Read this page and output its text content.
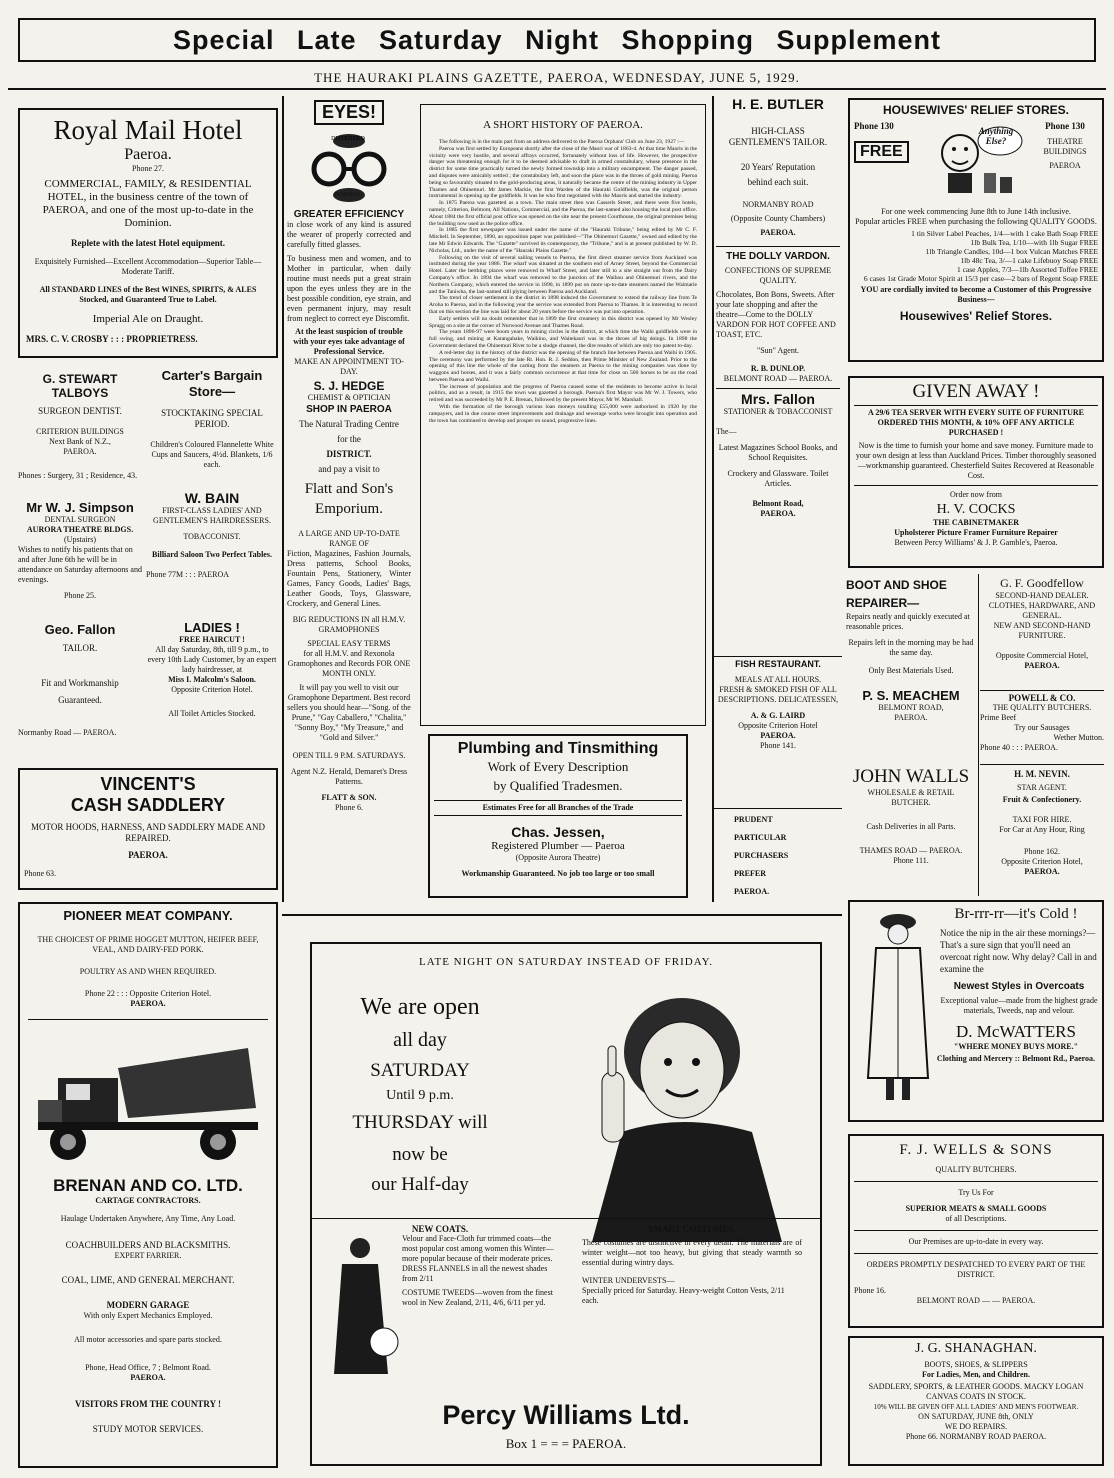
Special Late Saturday Night Shopping Supplement
THE HAURAKI PLAINS GAZETTE, PAEROA, WEDNESDAY, JUNE 5, 1929.
Royal Mail Hotel
Paeroa.
Phone 27.
COMMERCIAL, FAMILY, & RESIDENTIAL HOTEL, in the business centre of the town of PAEROA, and one of the most up-to-date in the Dominion.
Replete with the latest Hotel equipment.
Exquisitely Furnished—Excellent Accommodation—Superior Table—Moderate Tariff.
All STANDARD LINES of the Best WINES, SPIRITS, & ALES Stocked, and Guaranteed True to Label.
Imperial Ale on Draught.
MRS. C. V. CROSBY : : : PROPRIETRESS.
G. STEWART TALBOYS
SURGEON DENTIST.
CRITERION BUILDINGS
Next Bank of N.Z.,
PAEROA.
Phones : Surgery, 31 ; Residence, 43.
Mr W. J. Simpson
DENTAL SURGEON
AURORA THEATRE BLDGS.
(Upstairs)
Wishes to notify his patients that on and after June 6th he will be in attendance on Saturday afternoons and evenings.
Phone 25.
Geo. Fallon
TAILOR.
Fit and Workmanship
Guaranteed.
Normanby Road — PAEROA.
Carter's Bargain Store—
STOCKTAKING SPECIAL PERIOD.
Children's Coloured Flannelette White Cups and Saucers, 4½d. Blankets, 1/6 each.
W. BAIN
FIRST-CLASS LADIES' AND GENTLEMEN'S HAIRDRESSERS.
TOBACCONIST.
Billiard Saloon Two Perfect Tables.
Phone 77M : : : PAEROA
LADIES !
FREE HAIRCUT !
All day Saturday, 8th, till 9 p.m., to every 10th Lady Customer, by an expert lady hairdresser, at
Miss I. Malcolm's Saloon.
Opposite Criterion Hotel.
All Toilet Articles Stocked.
VINCENT'S
CASH SADDLERY
MOTOR HOODS, HARNESS, AND SADDLERY MADE AND REPAIRED.
PAEROA.
Phone 63.
PIONEER MEAT COMPANY.
THE CHOICEST OF PRIME HOGGET MUTTON, HEIFER BEEF, VEAL, AND DAIRY-FED PORK.
POULTRY AS AND WHEN REQUIRED.
Phone 22 : : : Opposite Criterion Hotel.
PAEROA.
BRENAN AND CO. LTD.
CARTAGE CONTRACTORS.
Haulage Undertaken Anywhere, Any Time, Any Load.
COACHBUILDERS AND BLACKSMITHS.
EXPERT FARRIER.
COAL, LIME, AND GENERAL MERCHANT.
MODERN GARAGE
With only Expert Mechanics Employed.
All motor accessories and spare parts stocked.
Phone, Head Office, 7 ; Belmont Road.
PAEROA.
VISITORS FROM THE COUNTRY !
STUDY MOTOR SERVICES.
EYES!
DISTENDED
NORMAL
GREATER EFFICIENCY
in close work of any kind is assured the wearer of properly corrected and carefully fitted glasses.
To business men and women, and to Mother in particular, when daily routine must needs put a great strain upon the eyes unless they are in the best possible condition, eye strain, and even permanent injury, may result from neglect to correct eye Discomfit.
At the least suspicion of trouble with your eyes take advantage of Professional Service.
MAKE AN APPOINTMENT TO-DAY.
S. J. HEDGE
CHEMIST & OPTICIAN
SHOP IN PAEROA
The Natural Trading Centre
for the
DISTRICT.
and pay a visit to
Flatt and Son's Emporium.
A LARGE AND UP-TO-DATE RANGE OF
Fiction, Magazines, Fashion Journals, Dress patterns, School Books, Fountain Pens, Stationery, Winter Games, Fancy Goods, Ladies' Bags, Leather Goods, Toys, Glassware, Crockery, and General Lines.
BIG REDUCTIONS IN all H.M.V. GRAMOPHONES
SPECIAL EASY TERMS
for all H.M.V. and Rexonola Gramophones and Records FOR ONE MONTH ONLY.
It will pay you well to visit our Gramophone Department. Best record sellers you should hear—"Song. of the Prune," "Gay Caballero," "Chalita," "Sonny Boy," "My Treasure," and "Gold and Silver."
OPEN TILL 9 P.M. SATURDAYS.
Agent N.Z. Herald, Demaret's Dress Patterns.
FLATT & SON.
Phone 6.
A SHORT HISTORY OF PAEROA.

The following is in the main part from an address delivered to the Paeroa Orphans' Club on June 23, 1927 :—

Paeroa was first settled by Europeans shortly after the close of the Maori war of 1863-4. At that time Maoris in the vicinity were very hostile, and several affrays occurred, fortunately without loss of life. However, the prospective danger was threatening enough for it to be deemed advisable to draft in armed constabulary, whose presence in the district for some time practically turned the newly formed township into a military encampment. The danger passed, and disputes were amicably settled ; the constabulary left, and soon the place was in the throes of gold mining. Paeroa being so favourably situated to the gold-producing areas, it naturally became the centre of the mining industry in Upper Thames and Ohinemuri. Mr James Mackie, the first Warden of the Hauraki Goldfields, was the original person instrumental in opening up the goldfields. It was he who first negotiated with the Maoris and started the industry.

In 1875 Paeroa was gazetted as a town. The main street then was Casserls Street, and there were five hotels, namely, Criterion, Belmont, All Nations, Commercial, and the Paeroa, the last-named also housing the local post office. About 1884 the first official post office was opened on the site near the present Courthouse, the original premises being the building now used as the police office.

In 1885 the first newspaper was issued under the name of the "Hauraki Tribune," being edited by Mr C. F. Mitchell. In September, 1890, an opposition paper was published—"The Ohinemuri Gazette," owned and edited by the late Mr Edwin Edwards. The "Gazette" survived its contemporary, the "Tribune," and is at present published by W. D. Nicholas, Ltd., under the name of the "Hauraki Plains Gazette."

Following on the visit of several sailing vessels to Paeroa, the first direct steamer service from Auckland was instituted during the year 1886. The wharf was situated at the southern end of Arney Street, beyond the Commercial Hotel. Later the berthing places were removed to Wharf Street, and later still to a site straight out from the Dairy Company's office. In 1894 the wharf was removed to the junction of the Waihou and Ohinemuri rivers, and the Northern Company, which entered the service in 1890, in 1899 put on more up-to-date steamers named the Waimarie and the Taniwha, the last-named still plying between Paeroa and Auckland.

The trend of closer settlement in the district in 1898 induced the Government to extend the railway line from Te Aroha to Paeroa, and in the following year the service was extended from Paeroa to Thames. It is interesting to record that on this section the line was laid for about 20 years before the service was put into operation.

Early settlers will no doubt remember that in 1899 the first creamery in this district was opened by Mr Wesley Spragg on a site at the corner of Norwood Avenue and Thames Road.

The years 1896-97 were boom years in mining circles in the district, at which time the Waihi goldfields were in full swing, and mining at Karangahake, Waikino, and Waitekauri was in the throes of big doings. In 1898 the Government declared the Ohinemuri River to be a sludge channel, the dire results of which are only too patent to-day.

A red-letter day in the history of the district was the opening of the branch line between Paeroa and Waihi in 1905. The ceremony was performed by the late Rt. Hon. R. J. Seddon, then Prime Minister of New Zealand. Prior to the opening of this line the whole of the carting from the steamers at Paeroa to the mining companies was done by waggons and horses, and it was a fairly common occurrence at that time for close on 500 horses to be on the road between Paeroa and Waihi.

The increase of population and the progress of Paeroa caused some of the residents to become active in local politics, and as a result, in 1915 the town was gazetted a borough. Paeroa's first Mayor was Mr W. J. Towers, who retired and was succeeded by Mr P. E. Brenan, followed by the present Mayor, Mr W. Marshall.

With the formation of the borough various loan moneys totalling £55,000 were authorised in 1920 by the ratepayers, and in due course street improvements and drainage and sewerage works were brought into operation and the town has continued to develop and prosper on sound, progressive lines.

Plumbing and Tinsmithing
Work of Every Description
by Qualified Tradesmen.
Estimates Free for all Branches of the Trade
Chas. Jessen,
Registered Plumber — Paeroa
(Opposite Aurora Theatre)
Workmanship Guaranteed. No job too large or too small
H. E. BUTLER
HIGH-CLASS
GENTLEMEN'S TAILOR.
20 Years' Reputation
behind each suit.
NORMANBY ROAD
(Opposite County Chambers)
PAEROA.
THE DOLLY VARDON.
CONFECTIONS OF SUPREME QUALITY.
Chocolates, Bon Bons, Sweets. After your late shopping and after the theatre—Come to the DOLLY VARDON FOR HOT COFFEE AND TOAST, ETC.
"Sun" Agent.
R. B. DUNLOP.
BELMONT ROAD — PAEROA.
Mrs. Fallon
STATIONER & TOBACCONIST
The—
Latest Magazines School Books, and School Requisites.
Crockery and Glassware. Toilet Articles.
Belmont Road,
PAEROA.
FISH RESTAURANT.
MEALS AT ALL HOURS.
FRESH & SMOKED FISH OF ALL DESCRIPTIONS. DELICATESSEN,
A. & G. LAIRD
Opposite Criterion Hotel
PAEROA.
Phone 141.
PRUDENT
PARTICULAR
PURCHASERS
PREFER
PAEROA.
HOUSEWIVES' RELIEF STORES.
Phone 130
FREE
Anything Else?
Phone 130
THEATRE BUILDINGS
PAEROA
For one week commencing June 8th to June 14th inclusive.
Popular articles FREE when purchasing the following QUALITY GOODS.
1 tin Silver Label Peaches, 1/4—with 1 cake Bath Soap FREE
1lb Bulk Tea, 1/10—with 1lb Sugar FREE
1lb Triangle Candles, 10d—1 box Vulcan Matches FREE
1lb 48c Tea, 3/—1 cake Lifebuoy Soap FREE
1 case Apples, 7/3—1lb Assorted Toffee FREE
6 cases 1st Grade Motor Spirit at 15/3 per case—2 bars of Regent Soap FREE
YOU are cordially invited to become a Customer of this Progressive Business—
Housewives' Relief Stores.
GIVEN AWAY !
A 29/6 TEA SERVER WITH EVERY SUITE OF FURNITURE ORDERED THIS MONTH, & 10% OFF ANY ARTICLE PURCHASED !
Now is the time to furnish your home and save money. Furniture made to your own design at less than Auckland Prices. Timber thoroughly seasoned—workmanship guaranteed. Chesterfield Suites Recovered at Reasonable Cost.
Order now from
H. V. COCKS
THE CABINETMAKER
Upholsterer Picture Framer Furniture Repairer
Between Percy Williams' & J. P. Gamble's, Paeroa.
BOOT AND SHOE REPAIRER—
Repairs neatly and quickly executed at reasonable prices.
Repairs left in the morning may be had the same day.
Only Best Materials Used.
P. S. MEACHEM
BELMONT ROAD,
PAEROA.
JOHN WALLS
WHOLESALE & RETAIL
BUTCHER.
Cash Deliveries in all Parts.
THAMES ROAD — PAEROA.
Phone 111.
G. F. Goodfellow
SECOND-HAND DEALER. CLOTHES, HARDWARE, AND GENERAL.
NEW AND SECOND-HAND FURNITURE.
Opposite Commercial Hotel,
PAEROA.
POWELL & CO.
THE QUALITY BUTCHERS.
Prime Beef
Try our Sausages
Wether Mutton.
Phone 40 : : : PAEROA.
H. M. NEVIN.
STAR AGENT.
Fruit & Confectionery.
TAXI FOR HIRE.
For Car at Any Hour, Ring
Phone 162.
Opposite Criterion Hotel,
PAEROA.
LATE NIGHT ON SATURDAY INSTEAD OF FRIDAY.
We are open
all day
SATURDAY
Until 9 p.m.
THURSDAY will
now be
our Half-day
NEW COATS.
Velour and Face-Cloth fur trimmed coats—the most popular cost among women this Winter—more popular because of their moderate prices.
DRESS FLANNELS in all the newest shades from 2/11
COSTUME TWEEDS—woven from the finest wool in New Zealand, 2/11, 4/6, 6/11 per yd.
SMART COSTUMES.
These costumes are distinctive in every detail. The materials are of winter weight—not too heavy, but giving that steady warmth so essential during wintry days.
WINTER UNDERVESTS—
Specially priced for Saturday. Heavy-weight Cotton Vests, 2/11 each.
Percy Williams Ltd.
Box 1 = = = PAEROA.
Br-rrr-rr—it's Cold !
Notice the nip in the air these mornings?—That's a sure sign that you'll need an overcoat right now. Why delay? Call in and examine the
Newest Styles in Overcoats
Exceptional value—made from the highest grade materials, Tweeds, nap and velour.
D. McWATTERS
"WHERE MONEY BUYS MORE."
Clothing and Mercery :: Belmont Rd., Paeroa.
F. J. WELLS & SONS
QUALITY BUTCHERS.
Try Us For
SUPERIOR MEATS & SMALL GOODS
of all Descriptions.
Our Premises are up-to-date in every way.
ORDERS PROMPTLY DESPATCHED TO EVERY PART OF THE DISTRICT.
Phone 16.
BELMONT ROAD — — PAEROA.
J. G. SHANAGHAN.
BOOTS, SHOES, & SLIPPERS
For Ladies, Men, and Children.
SADDLERY, SPORTS, & LEATHER GOODS. MACKY LOGAN CANVAS COATS IN STOCK.
10% WILL BE GIVEN OFF ALL LADIES' AND MEN'S FOOTWEAR.
ON SATURDAY, JUNE 8th, ONLY
WE DO REPAIRS.
Phone 66. NORMANBY ROAD PAEROA.
